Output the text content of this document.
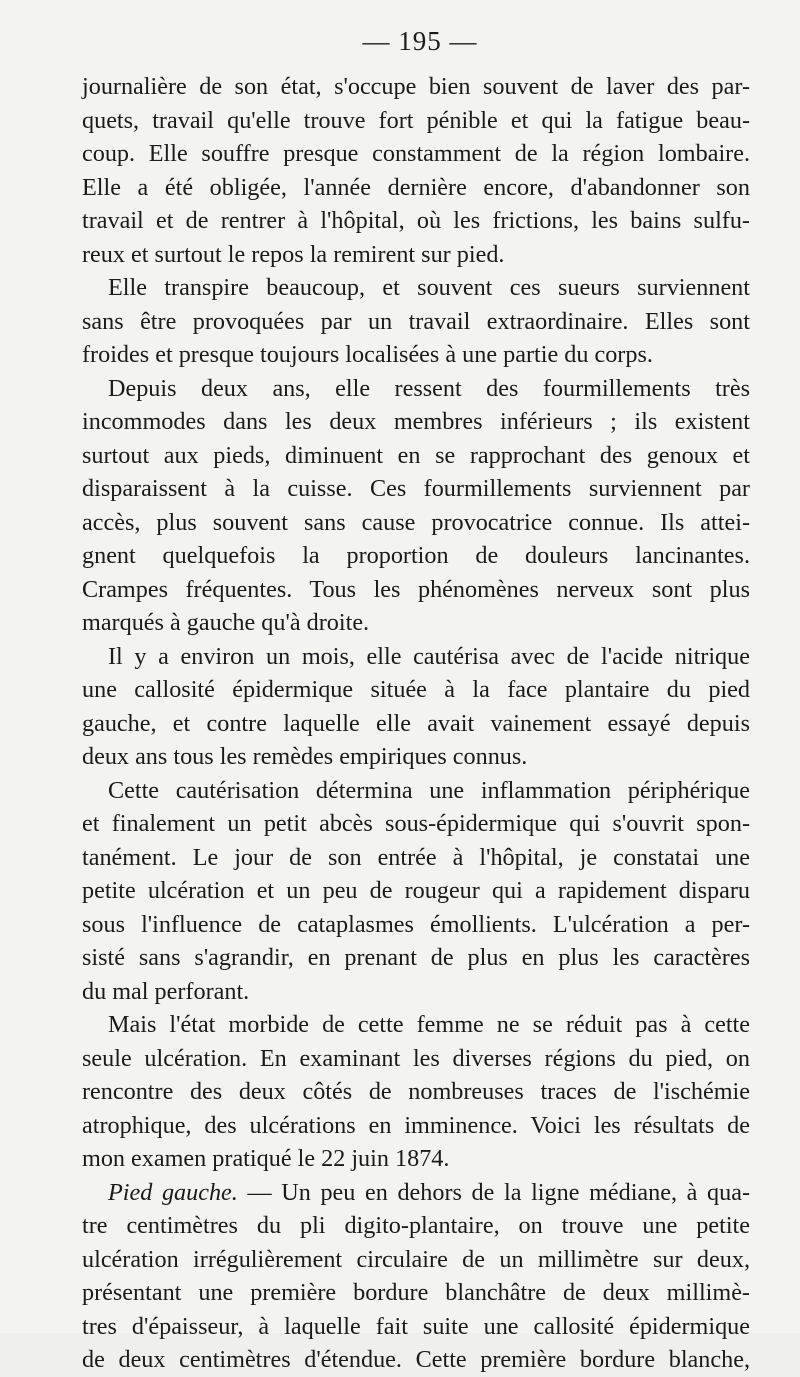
— 195 —

journalière de son état, s'occupe bien souvent de laver des par-
quets, travail qu'elle trouve fort pénible et qui la fatigue beau-
coup. Elle souffre presque constamment de la région lombaire.
Elle a été obligée, l'année dernière encore, d'abandonner son
travail et de rentrer à l'hôpital, où les frictions, les bains sulfu-
reux et surtout le repos la remirent sur pied.

Elle transpire beaucoup, et souvent ces sueurs surviennent
sans être provoquées par un travail extraordinaire. Elles sont
froides et presque toujours localisées à une partie du corps.

Depuis deux ans, elle ressent des fourmillements très
incommodes dans les deux membres inférieurs ; ils existent
surtout aux pieds, diminuent en se rapprochant des genoux et
disparaissent à la cuisse. Ces fourmillements surviennent par
accès, plus souvent sans cause provocatrice connue. Ils attei-
gnent quelquefois la proportion de douleurs lancinantes.
Crampes fréquentes. Tous les phénomènes nerveux sont plus
marqués à gauche qu'à droite.

Il y a environ un mois, elle cautérisa avec de l'acide nitrique
une callosité épidermique située à la face plantaire du pied
gauche, et contre laquelle elle avait vainement essayé depuis
deux ans tous les remèdes empiriques connus.

Cette cautérisation détermina une inflammation périphérique
et finalement un petit abcès sous-épidermique qui s'ouvrit spon-
tanément. Le jour de son entrée à l'hôpital, je constatai une
petite ulcération et un peu de rougeur qui a rapidement disparu
sous l'influence de cataplasmes émollients. L'ulcération a per-
sisté sans s'agrandir, en prenant de plus en plus les caractères
du mal perforant.

Mais l'état morbide de cette femme ne se réduit pas à cette
seule ulcération. En examinant les diverses régions du pied, on
rencontre des deux côtés de nombreuses traces de l'ischémie
atrophique, des ulcérations en imminence. Voici les résultats de
mon examen pratiqué le 22 juin 1874.

Pied gauche. — Un peu en dehors de la ligne médiane, à qua-
tre centimètres du pli digito-plantaire, on trouve une petite
ulcération irrégulièrement circulaire de un millimètre sur deux,
présentant une première bordure blanchâtre de deux millimè-
tres d'épaisseur, à laquelle fait suite une callosité épidermique
de deux centimètres d'étendue. Cette première bordure blanche,
